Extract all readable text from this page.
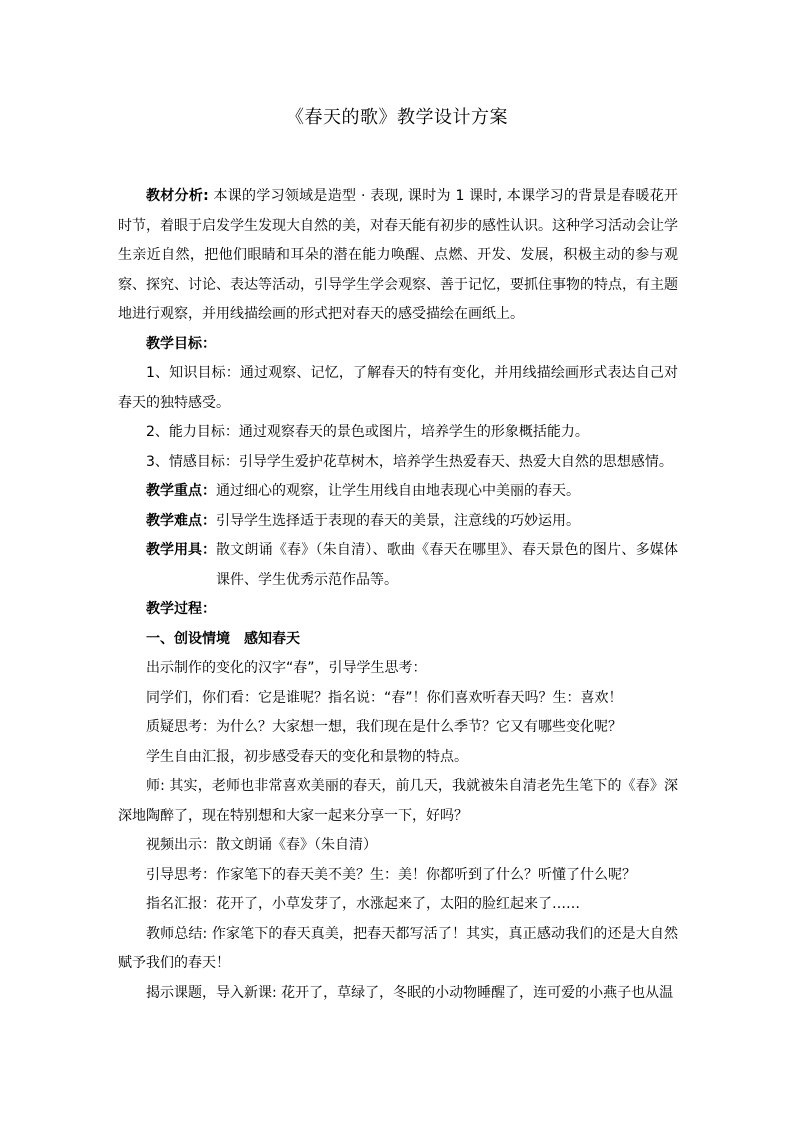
《春天的歌》教学设计方案

教材分析: 本课的学习领域是造型 · 表现, 课时为 1 课时, 本课学习的背景是春暖花开时节，着眼于启发学生发现大自然的美，对春天能有初步的感性认识。这种学习活动会让学生亲近自然，把他们眼睛和耳朵的潜在能力唤醒、点燃、开发、发展，积极主动的参与观察、探究、讨论、表达等活动，引导学生学会观察、善于记忆，要抓住事物的特点，有主题地进行观察，并用线描绘画的形式把对春天的感受描绘在画纸上。

教学目标：

1、知识目标：通过观察、记忆，了解春天的特有变化，并用线描绘画形式表达自己对春天的独特感受。

2、能力目标：通过观察春天的景色或图片，培养学生的形象概括能力。

3、情感目标：引导学生爱护花草树木，培养学生热爱春天、热爱大自然的思想感情。

教学重点：通过细心的观察，让学生用线自由地表现心中美丽的春天。

教学难点：引导学生选择适于表现的春天的美景，注意线的巧妙运用。

教学用具： 散文朗诵《春》（朱自清）、歌曲《春天在哪里》、春天景色的图片、多媒体课件、学生优秀示范作品等。

教学过程：

一、创设情境　感知春天

出示制作的变化的汉字“春”，引导学生思考：

同学们，你们看：它是谁呢？指名说：“春”！你们喜欢听春天吗？生：喜欢！

质疑思考：为什么？大家想一想，我们现在是什么季节？它又有哪些变化呢？

学生自由汇报，初步感受春天的变化和景物的特点。

师: 其实，老师也非常喜欢美丽的春天，前几天，我就被朱自清老先生笔下的《春》深深地陶醉了，现在特别想和大家一起来分享一下，好吗？

视频出示：散文朗诵《春》（朱自清）

引导思考：作家笔下的春天美不美？生：美！你都听到了什么？听懂了什么呢？

指名汇报：花开了，小草发芽了，水涨起来了，太阳的脸红起来了……

教师总结: 作家笔下的春天真美，把春天都写活了！其实，真正感动我们的还是大自然赋予我们的春天！

揭示课题，导入新课: 花开了，草绿了，冬眠的小动物睡醒了，连可爱的小燕子也从温
